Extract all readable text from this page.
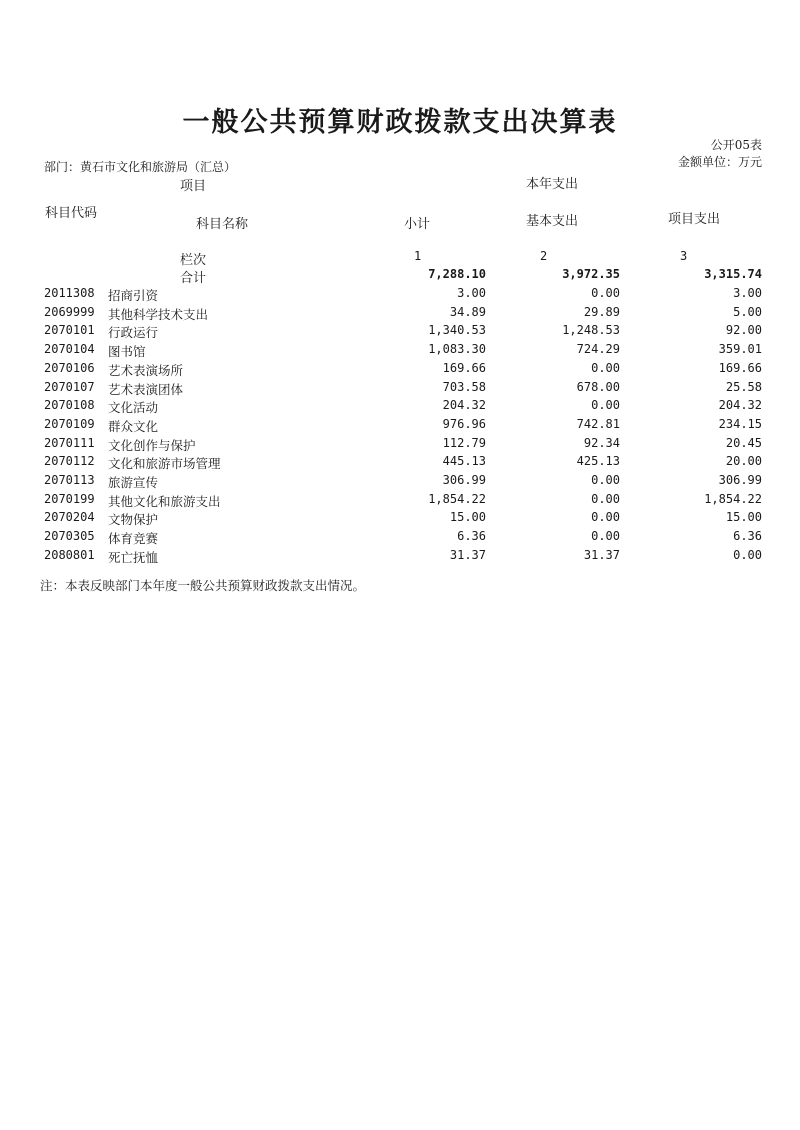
一般公共预算财政拨款支出决算表
公开05表
金额单位：万元
部门：黄石市文化和旅游局（汇总）
项目	本年支出
科目代码
科目名称	小计	基本支出	项目支出
栏次	1	2	3
合计	7,288.10	3,972.35	3,315.74
2011308 招商引资	3.00	0.00	3.00
2069999 其他科学技术支出	34.89	29.89	5.00
2070101 行政运行	1,340.53	1,248.53	92.00
2070104 图书馆	1,083.30	724.29	359.01
2070106 艺术表演场所	169.66	0.00	169.66
2070107 艺术表演团体	703.58	678.00	25.58
2070108 文化活动	204.32	0.00	204.32
2070109 群众文化	976.96	742.81	234.15
2070111 文化创作与保护	112.79	92.34	20.45
2070112 文化和旅游市场管理	445.13	425.13	20.00
2070113 旅游宣传	306.99	0.00	306.99
2070199 其他文化和旅游支出	1,854.22	0.00	1,854.22
2070204 文物保护	15.00	0.00	15.00
2070305 体育竞赛	6.36	0.00	6.36
2080801 死亡抚恤	31.37	31.37	0.00
注：本表反映部门本年度一般公共预算财政拨款支出情况。
